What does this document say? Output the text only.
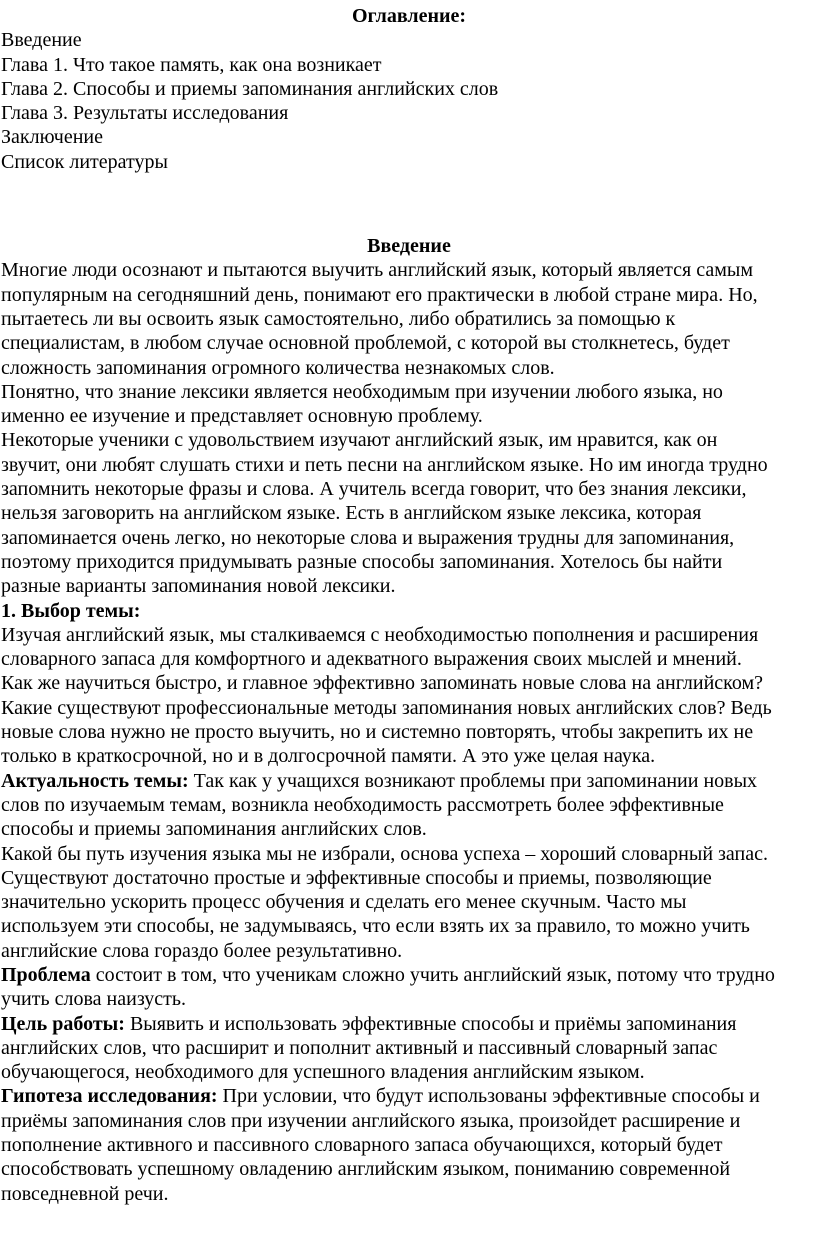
Оглавление:
Введение
Глава 1. Что такое память, как она возникает
Глава 2. Способы и приемы запоминания английских слов
Глава 3. Результаты исследования
Заключение
Список литературы
Введение
Многие люди осознают и пытаются выучить английский язык, который является самым
популярным на сегодняшний день, понимают его практически в любой стране мира. Но,
пытаетесь ли вы освоить язык самостоятельно, либо обратились за помощью к
специалистам, в любом случае основной проблемой, с которой вы столкнетесь, будет
сложность запоминания огромного количества незнакомых слов.
Понятно, что знание лексики является необходимым при изучении любого языка, но
именно ее изучение и представляет основную проблему.
Некоторые ученики с удовольствием изучают английский язык, им нравится, как он
звучит, они любят слушать стихи и петь песни на английском языке. Но им иногда трудно
запомнить некоторые фразы и слова. А учитель всегда говорит, что без знания лексики,
нельзя заговорить на английском языке. Есть в английском языке лексика, которая
запоминается очень легко, но некоторые слова и выражения трудны для запоминания,
поэтому приходится придумывать разные способы запоминания. Хотелось бы найти
разные варианты запоминания новой лексики.
1. Выбор темы:
Изучая английский язык, мы сталкиваемся с необходимостью пополнения и расширения
словарного запаса для комфортного и адекватного выражения своих мыслей и мнений.
Как же научиться быстро, и главное эффективно запоминать новые слова на английском?
Какие существуют профессиональные методы запоминания новых английских слов? Ведь
новые слова нужно не просто выучить, но и системно повторять, чтобы закрепить их не
только в краткосрочной, но и в долгосрочной памяти. А это уже целая наука.
Актуальность темы: Так как у учащихся возникают проблемы при запоминании новых
слов по изучаемым темам, возникла необходимость рассмотреть более эффективные
способы и приемы запоминания английских слов.
Какой бы путь изучения языка мы не избрали, основа успеха – хороший словарный запас.
Существуют достаточно простые и эффективные способы и приемы, позволяющие
значительно ускорить процесс обучения и сделать его менее скучным. Часто мы
используем эти способы, не задумываясь, что если взять их за правило, то можно учить
английские слова гораздо более результативно.
Проблема состоит в том, что ученикам сложно учить английский язык, потому что трудно
учить слова наизусть.
Цель работы: Выявить и использовать эффективные способы и приёмы запоминания
английских слов, что расширит и пополнит активный и пассивный словарный запас
обучающегося, необходимого для успешного владения английским языком.
Гипотеза исследования: При условии, что будут использованы эффективные способы и
приёмы запоминания слов при изучении английского языка, произойдет расширение и
пополнение активного и пассивного словарного запаса обучающихся, который будет
способствовать успешному овладению английским языком, пониманию современной
повседневной речи.
